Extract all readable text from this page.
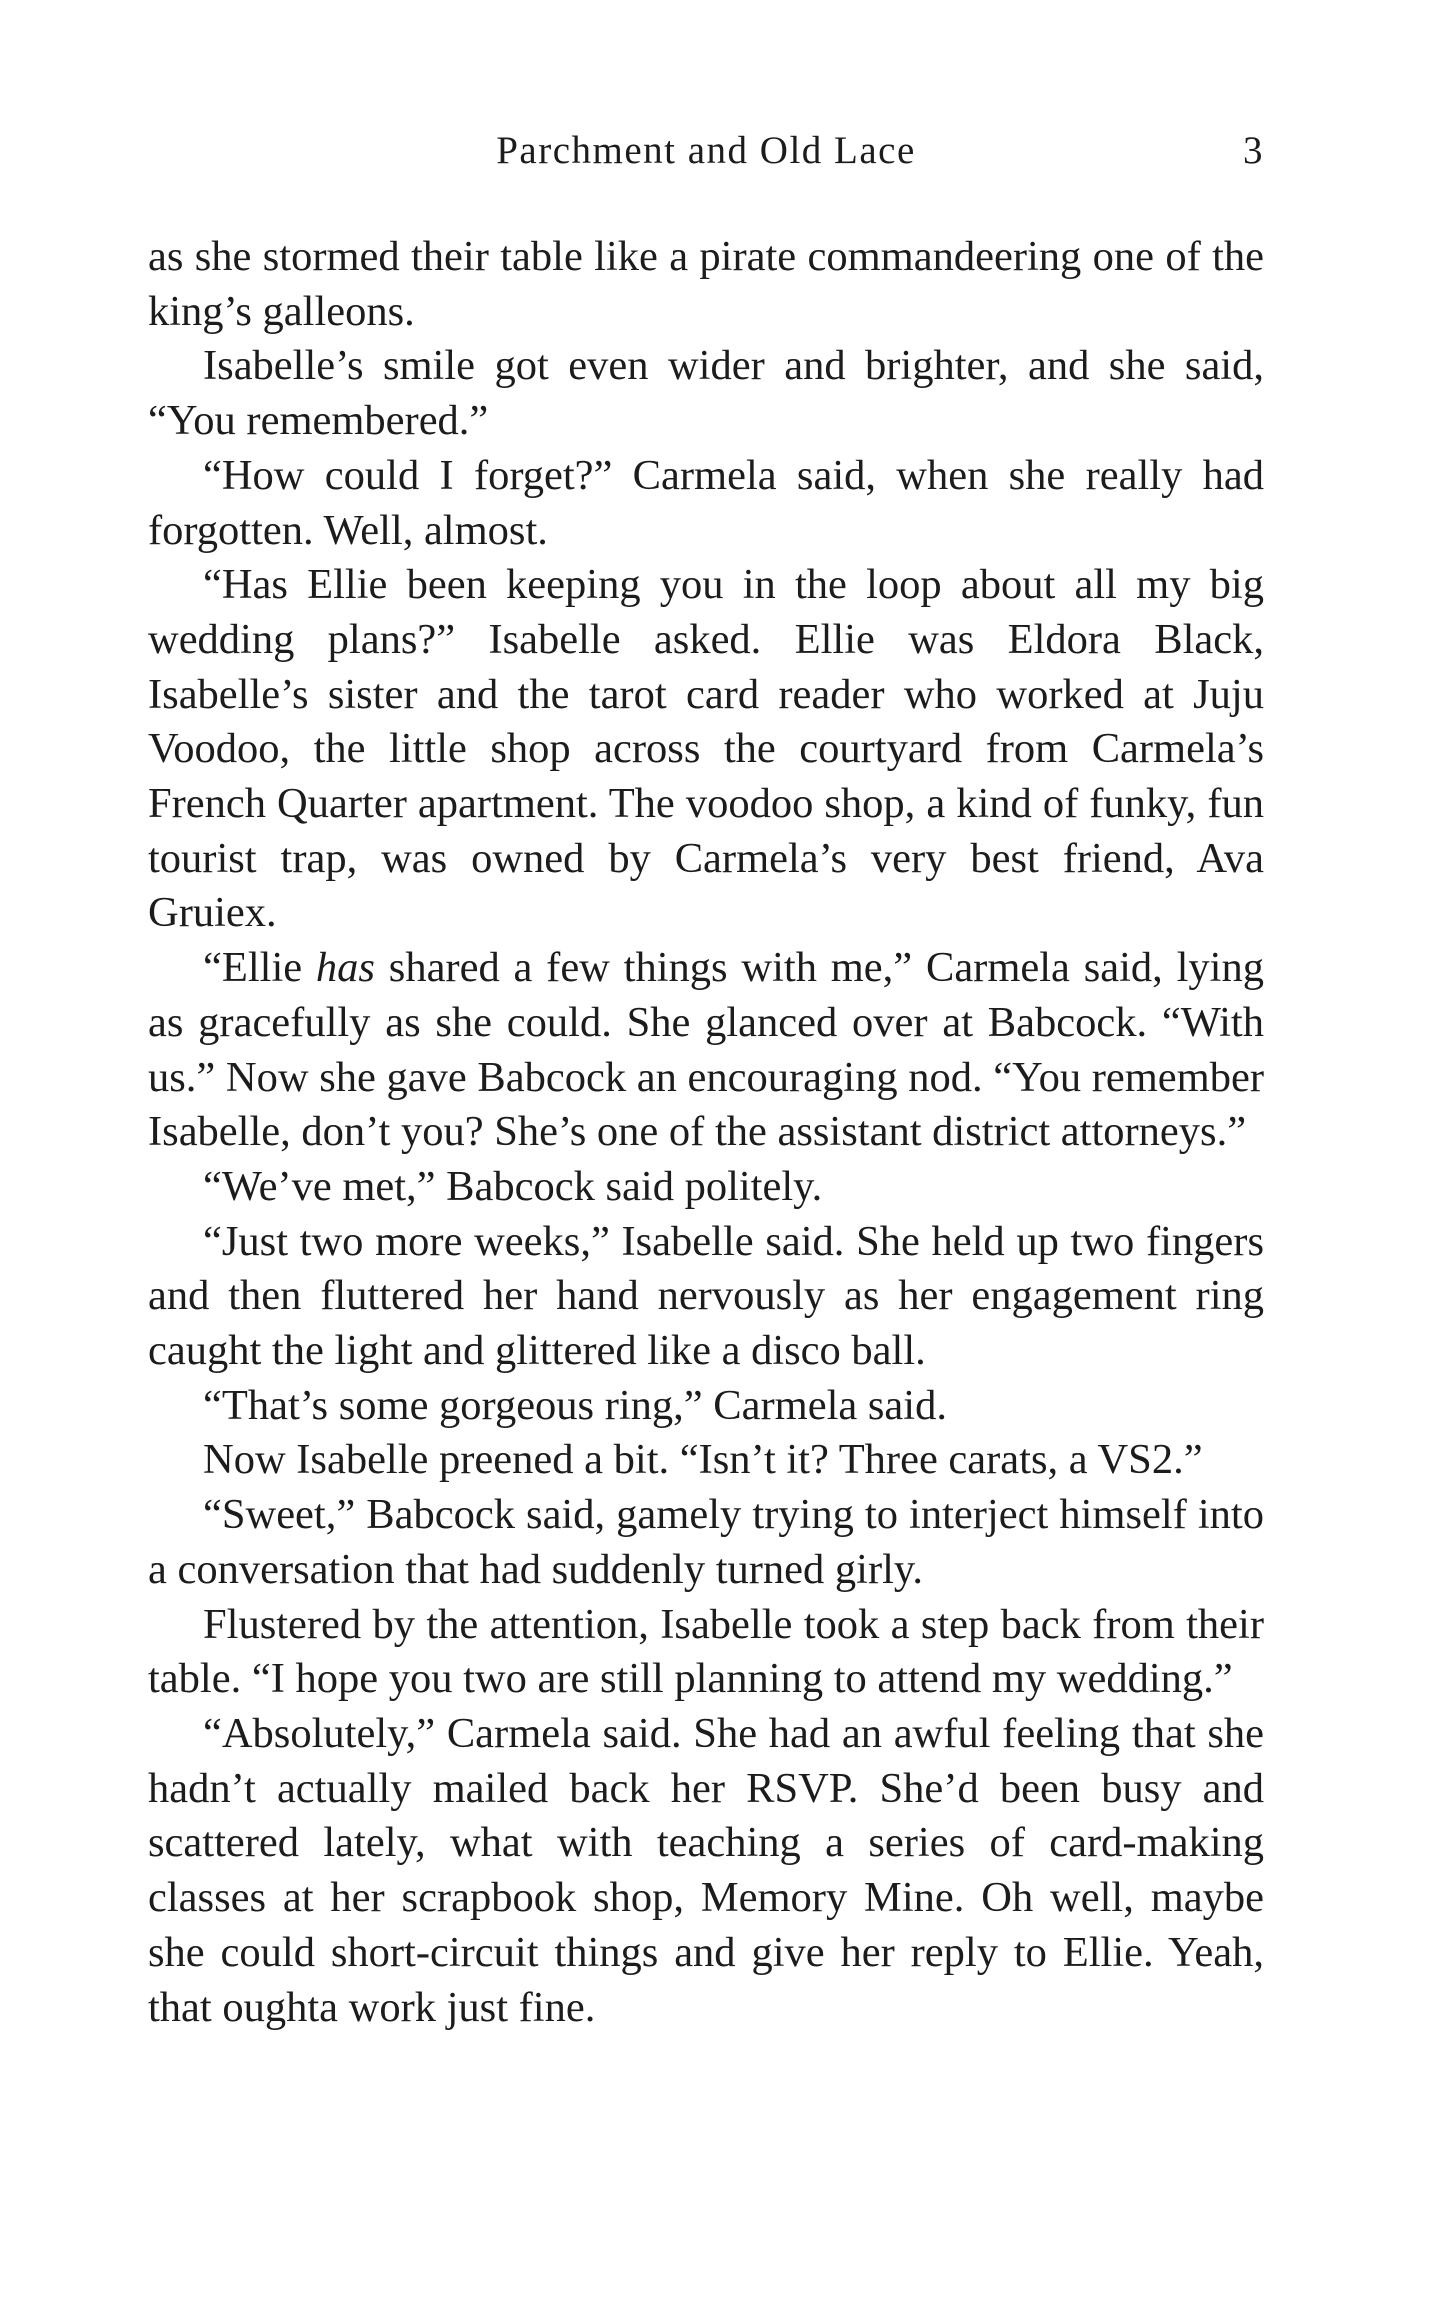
Parchment and Old Lace	3

as she stormed their table like a pirate commandeering one of the king’s galleons.

Isabelle’s smile got even wider and brighter, and she said, “You remembered.”

“How could I forget?” Carmela said, when she really had forgotten. Well, almost.

“Has Ellie been keeping you in the loop about all my big wedding plans?” Isabelle asked. Ellie was Eldora Black, Isabelle’s sister and the tarot card reader who worked at Juju Voodoo, the little shop across the courtyard from Carmela’s French Quarter apartment. The voodoo shop, a kind of funky, fun tourist trap, was owned by Carmela’s very best friend, Ava Gruiex.

“Ellie has shared a few things with me,” Carmela said, lying as gracefully as she could. She glanced over at Babcock. “With us.” Now she gave Babcock an encouraging nod. “You remember Isabelle, don’t you? She’s one of the assistant district attorneys.”

“We’ve met,” Babcock said politely.

“Just two more weeks,” Isabelle said. She held up two fingers and then fluttered her hand nervously as her engagement ring caught the light and glittered like a disco ball.

“That’s some gorgeous ring,” Carmela said.

Now Isabelle preened a bit. “Isn’t it? Three carats, a VS2.”

“Sweet,” Babcock said, gamely trying to interject himself into a conversation that had suddenly turned girly.

Flustered by the attention, Isabelle took a step back from their table. “I hope you two are still planning to attend my wedding.”

“Absolutely,” Carmela said. She had an awful feeling that she hadn’t actually mailed back her RSVP. She’d been busy and scattered lately, what with teaching a series of card-making classes at her scrapbook shop, Memory Mine. Oh well, maybe she could short-circuit things and give her reply to Ellie. Yeah, that oughta work just fine.
